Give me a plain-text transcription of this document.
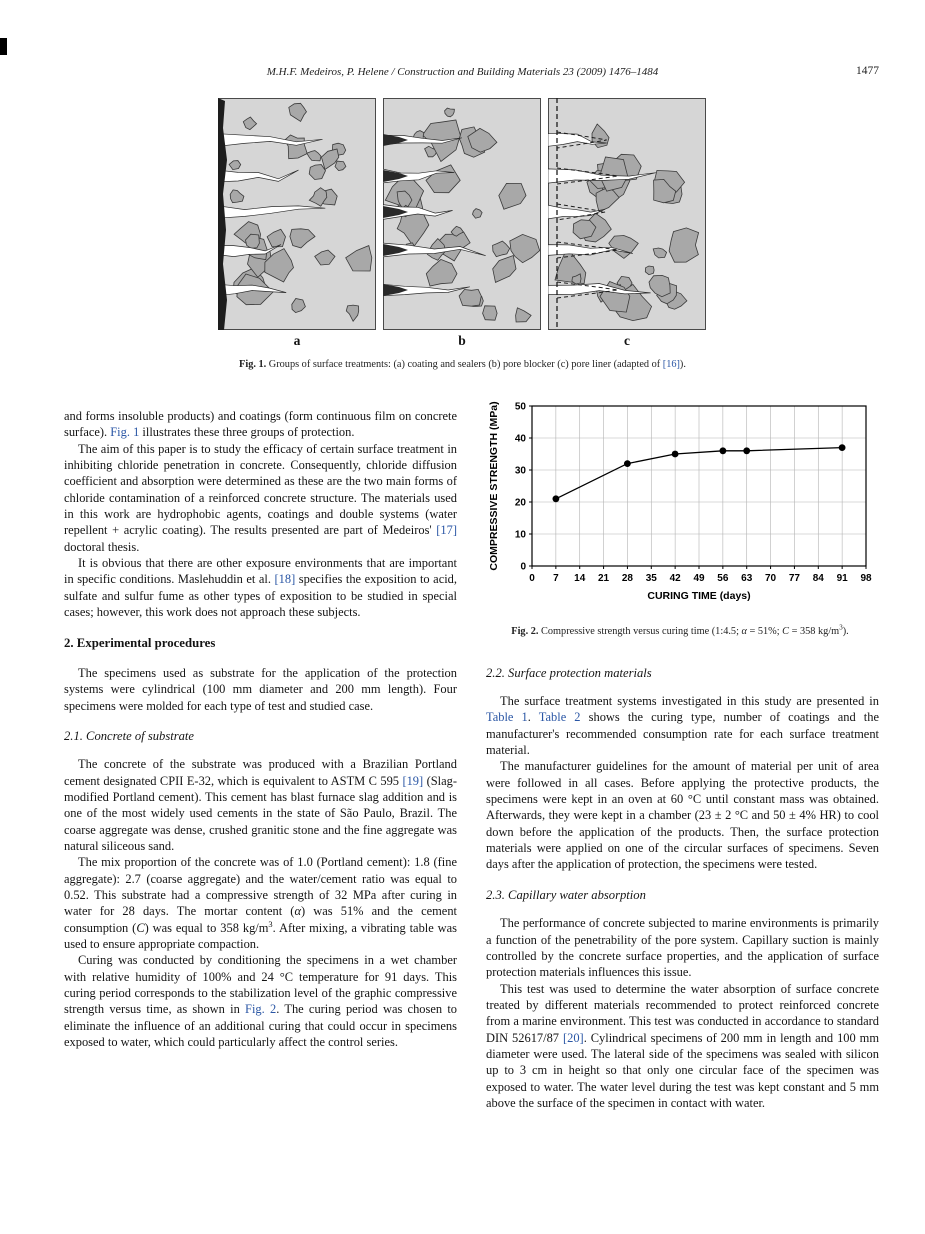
M.H.F. Medeiros, P. Helene / Construction and Building Materials 23 (2009) 1476–1484	1477
a	b	c
Fig. 1. Groups of surface treatments: (a) coating and sealers (b) pore blocker (c) pore liner (adapted of [16]).

and forms insoluble products) and coatings (form continuous film on concrete surface). Fig. 1 illustrates these three groups of protection.

The aim of this paper is to study the efficacy of certain surface treatment in inhibiting chloride penetration in concrete. Consequently, chloride diffusion coefficient and absorption were determined as these are the two main forms of chloride contamination of a reinforced concrete structure. The materials used in this work are hydrophobic agents, coatings and double systems (water repellent + acrylic coating). The results presented are part of Medeiros' [17] doctoral thesis.

It is obvious that there are other exposure environments that are important in specific conditions. Maslehuddin et al. [18] specifies the exposition to acid, sulfate and sulfur fume as other types of exposition to be studied in special cases; however, this work does not approach these subjects.

2. Experimental procedures

The specimens used as substrate for the application of the protection systems were cylindrical (100 mm diameter and 200 mm length). Four specimens were molded for each type of test and studied case.

2.1. Concrete of substrate

The concrete of the substrate was produced with a Brazilian Portland cement designated CPII E-32, which is equivalent to ASTM C 595 [19] (Slag-modified Portland cement). This cement has blast furnace slag addition and is one of the most widely used cements in the state of São Paulo, Brazil. The coarse aggregate was dense, crushed granitic stone and the fine aggregate was natural siliceous sand.

The mix proportion of the concrete was of 1.0 (Portland cement): 1.8 (fine aggregate): 2.7 (coarse aggregate) and the water/cement ratio was equal to 0.52. This substrate had a compressive strength of 32 MPa after curing in water for 28 days. The mortar content (α) was 51% and the cement consumption (C) was equal to 358 $kg/m^3$. After mixing, a vibrating table was used to ensure appropriate compaction.

Curing was conducted by conditioning the specimens in a wet chamber with relative humidity of 100% and 24 °C temperature for 91 days. This curing period corresponds to the stabilization level of the graphic compressive strength versus time, as shown in Fig. 2. The curing period was chosen to eliminate the influence of an additional curing that could occur in specimens exposed to water, which could particularly affect the control series.

0 7 14 21 28 35 42 49 56 63 70 77 84 91 98
0
10
20
30
40
50
CURING TIME (days)
COMPRESSIVE STRENGTH (MPa)
Fig. 2. Compressive strength versus curing time (1:4.5; α = 51%; C = 358 $kg/m^3$).
2.2. Surface protection materials

The surface treatment systems investigated in this study are presented in Table 1. Table 2 shows the curing type, number of coatings and the manufacturer's recommended consumption rate for each surface treatment material.

The manufacturer guidelines for the amount of material per unit of area were followed in all cases. Before applying the protective products, the specimens were kept in an oven at 60 °C until constant mass was obtained. Afterwards, they were kept in a chamber (23 ± 2 °C and 50 ± 4% HR) to cool down before the application of the products. Then, the surface protection materials were applied on one of the circular surfaces of specimens. Seven days after the application of protection, the specimens were tested.

2.3. Capillary water absorption

The performance of concrete subjected to marine environments is primarily a function of the penetrability of the pore system. Capillary suction is mainly controlled by the concrete surface properties, and the application of surface protection materials influences this issue.

This test was used to determine the water absorption of surface concrete treated by different materials recommended to protect reinforced concrete from a marine environment. This test was conducted in accordance to standard DIN 52617/87 [20]. Cylindrical specimens of 200 mm in length and 100 mm diameter were used. The lateral side of the specimens was sealed with silicon up to 3 cm in height so that only one circular face of the specimen was exposed to water. The water level during the test was kept constant and 5 mm above the surface of the specimen in contact with water.
